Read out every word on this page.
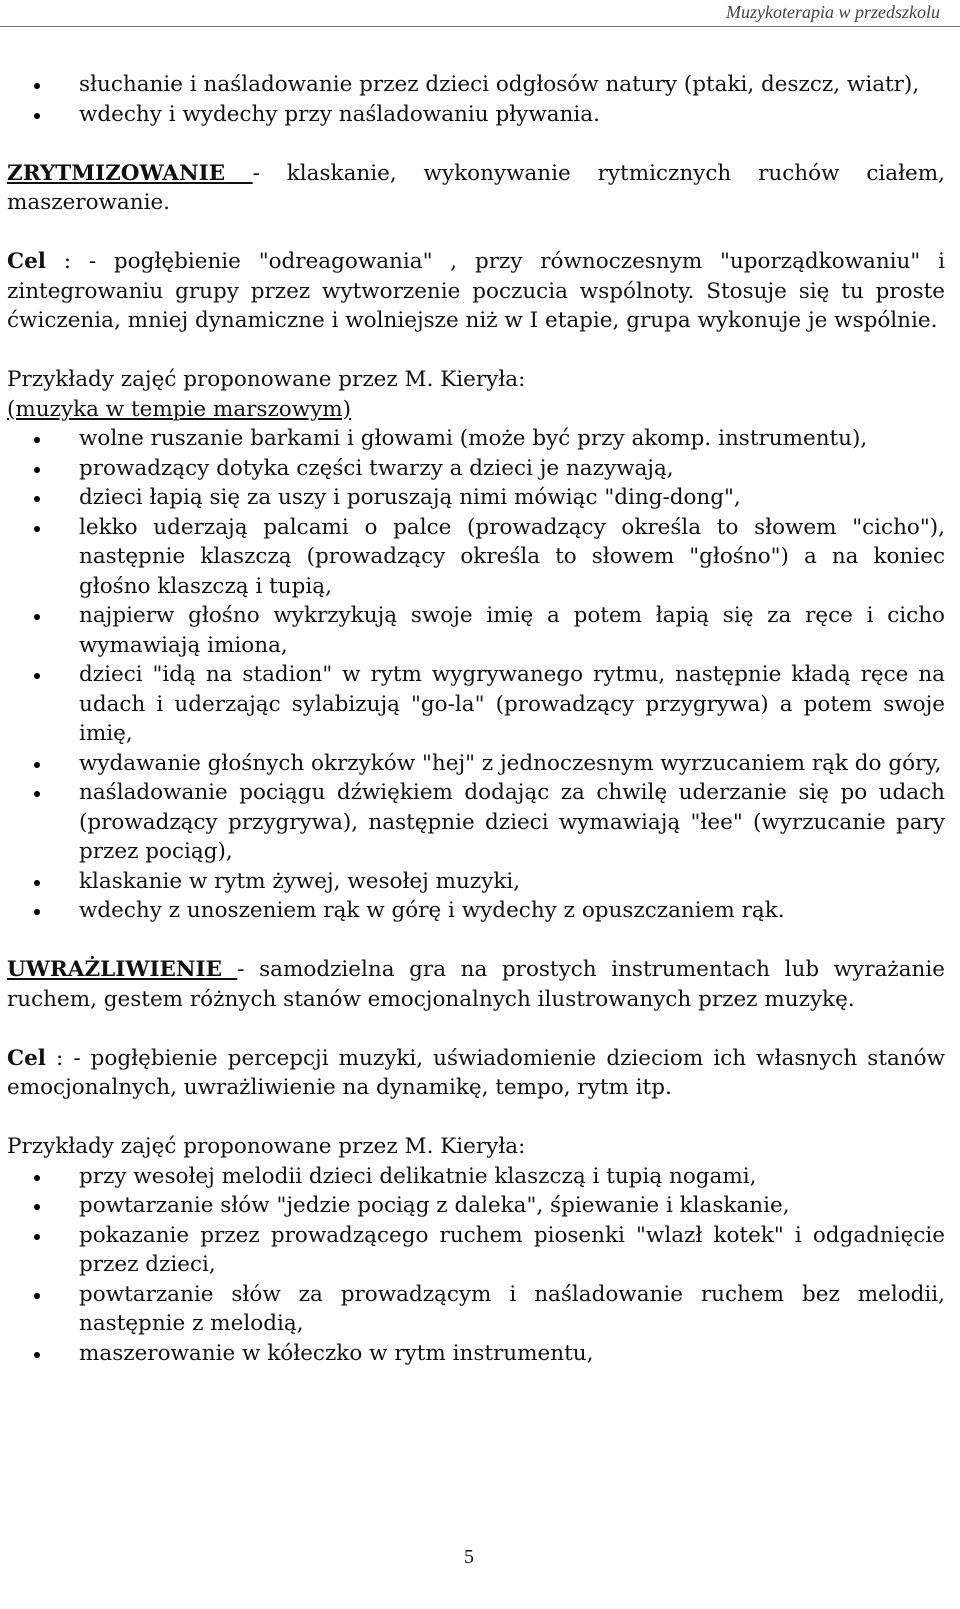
Muzykoterapia w przedszkolu
słuchanie i naśladowanie przez dzieci odgłosów natury (ptaki, deszcz, wiatr),
wdechy i wydechy przy naśladowaniu pływania.

ZRYTMIZOWANIE - klaskanie, wykonywanie rytmicznych ruchów ciałem, maszerowanie.

Cel : - pogłębienie "odreagowania" , przy równoczesnym "uporządkowaniu" i zintegrowaniu grupy przez wytworzenie poczucia wspólnoty. Stosuje się tu proste ćwiczenia, mniej dynamiczne i wolniejsze niż w I etapie, grupa wykonuje je wspólnie.

Przykłady zajęć proponowane przez M. Kieryła:

(muzyka w tempie marszowym)

wolne ruszanie barkami i głowami (może być przy akomp. instrumentu),
prowadzący dotyka części twarzy a dzieci je nazywają,
dzieci łapią się za uszy i poruszają nimi mówiąc "ding-dong",
lekko uderzają palcami o palce (prowadzący określa to słowem "cicho"), następnie klaszczą (prowadzący określa to słowem "głośno") a na koniec głośno klaszczą i tupią,
najpierw głośno wykrzykują swoje imię a potem łapią się za ręce i cicho wymawiają imiona,
dzieci "idą na stadion" w rytm wygrywanego rytmu, następnie kładą ręce na udach i uderzając sylabizują "go-la" (prowadzący przygrywa) a potem swoje imię,
wydawanie głośnych okrzyków "hej" z jednoczesnym wyrzucaniem rąk do góry,
naśladowanie pociągu dźwiękiem dodając za chwilę uderzanie się po udach (prowadzący przygrywa), następnie dzieci wymawiają "łee" (wyrzucanie pary przez pociąg),
klaskanie w rytm żywej, wesołej muzyki,
wdechy z unoszeniem rąk w górę i wydechy z opuszczaniem rąk.

UWRAŻLIWIENIE - samodzielna gra na prostych instrumentach lub wyrażanie ruchem, gestem różnych stanów emocjonalnych ilustrowanych przez muzykę.

Cel : - pogłębienie percepcji muzyki, uświadomienie dzieciom ich własnych stanów emocjonalnych, uwrażliwienie na dynamikę, tempo, rytm itp.

Przykłady zajęć proponowane przez M. Kieryła:

przy wesołej melodii dzieci delikatnie klaszczą i tupią nogami,
powtarzanie słów "jedzie pociąg z daleka", śpiewanie i klaskanie,
pokazanie przez prowadzącego ruchem piosenki "wlazł kotek" i odgadnięcie przez dzieci,
powtarzanie słów za prowadzącym i naśladowanie ruchem bez melodii, następnie z melodią,
maszerowanie w kółeczko w rytm instrumentu,
5
